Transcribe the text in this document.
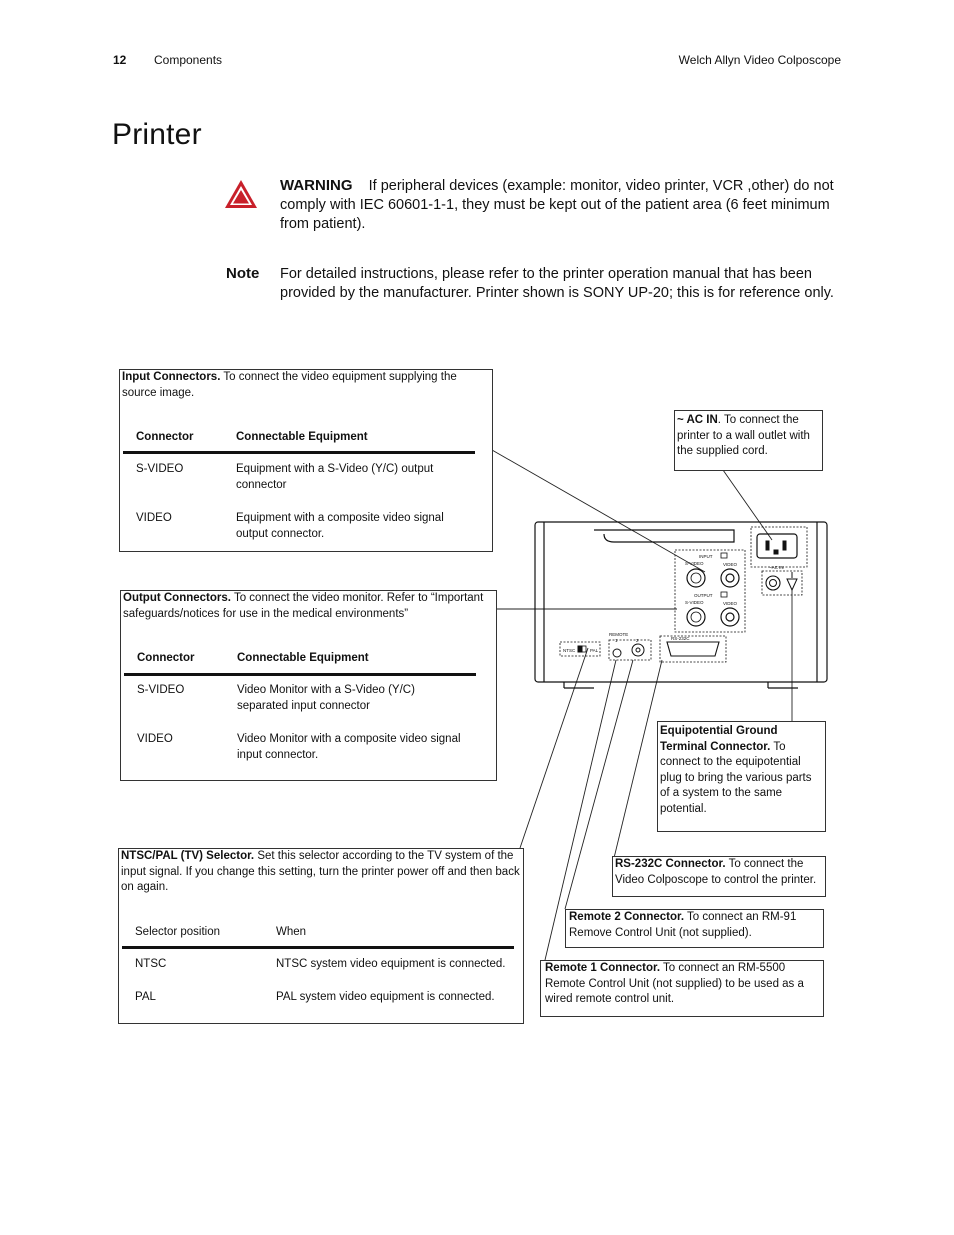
12 Components	Welch Allyn Video Colposcope
Printer
WARNING If peripheral devices (example: monitor, video printer, VCR ,other) do not comply with IEC 60601-1-1, they must be kept out of the patient area (6 feet minimum from patient).
Note For detailed instructions, please refer to the printer operation manual that has been provided by the manufacturer. Printer shown is SONY UP-20; this is for reference only.
INPUT
S-VIDEO	VIDEO
OUTPUT
S-VIDEO	VIDEO
~AC IN
REMOTE
1	2
NTSC	PAL
RS-232C
Input Connectors. To connect the video equipment supplying the source image.
Connector	Connectable Equipment
S-VIDEO	Equipment with a S-Video (Y/C) output connector
VIDEO	Equipment with a composite video signal output connector.
Output Connectors. To connect the video monitor. Refer to “Important safeguards/notices for use in the medical environments”
Connector	Connectable Equipment
S-VIDEO	Video Monitor with a S-Video (Y/C) separated input connector
VIDEO	Video Monitor with a composite video signal input connector.
NTSC/PAL (TV) Selector. Set this selector according to the TV system of the input signal. If you change this setting, turn the printer power off and then back on again.
Selector position	When
NTSC	NTSC system video equipment is connected.
PAL	PAL system video equipment is connected.
~ AC IN. To connect the printer to a wall outlet with the supplied cord.
Equipotential Ground Terminal Connector. To connect to the equipotential plug to bring the various parts of a system to the same potential.
RS-232C Connector. To connect the Video Colposcope to control the printer.
Remote 2 Connector. To connect an RM-91 Remove Control Unit (not supplied).
Remote 1 Connector. To connect an RM-5500 Remote Control Unit (not supplied) to be used as a wired remote control unit.
